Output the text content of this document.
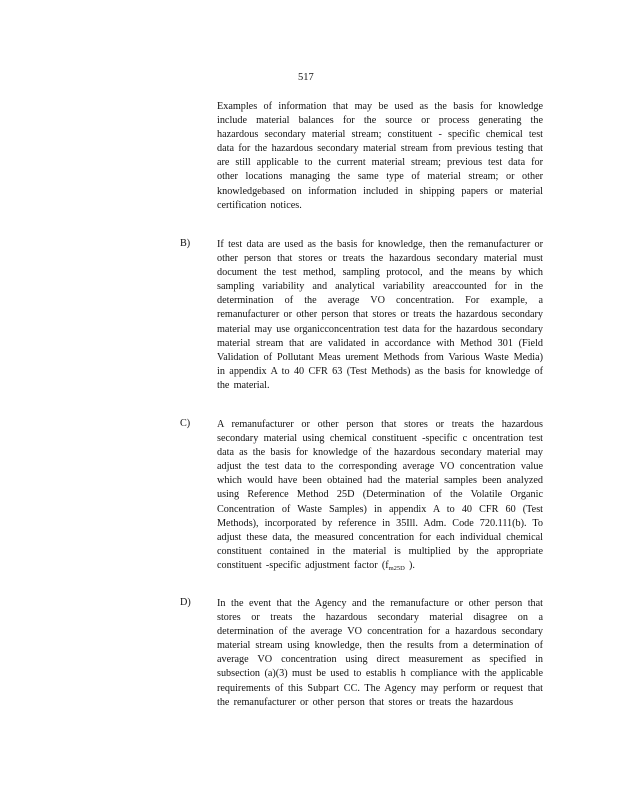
517
Examples of information that may be used as the basis for knowledge include material balances for the source or process generating the hazardous secondary material stream; constituent - specific chemical test data for the hazardous secondary material stream from previous testing that are still applicable to the current material stream; previous test data for other locations managing the same type of material stream; or other knowledgebased on information included in shipping papers or material certification notices.
B)	If test data are used as the basis for knowledge, then the remanufacturer or other person that stores or treats the hazardous secondary material must document the test method, sampling protocol, and the means by which sampling variability and analytical variability areaccounted for in the determination of the average VO concentration. For example, a remanufacturer or other person that stores or treats the hazardous secondary material may use organicconcentration test data for the hazardous secondary material stream that are validated in accordance with Method 301 (Field Validation of Pollutant Meas urement Methods from Various Waste Media) in appendix A to 40 CFR 63 (Test Methods) as the basis for knowledge of the material.
C)	A remanufacturer or other person that stores or treats the hazardous secondary material using chemical constituent -specific c oncentration test data as the basis for knowledge of the hazardous secondary material may adjust the test data to the corresponding average VO concentration value which would have been obtained had the material samples been analyzed using Reference Method 25D (Determination of the Volatile Organic Concentration of Waste Samples) in appendix A to 40 CFR 60 (Test Methods), incorporated by reference in 35Ill. Adm. Code 720.111(b). To adjust these data, the measured concentration for each individual chemical constituent contained in the material is multiplied by the appropriate constituent -specific adjustment factor ($f_{m25D}$ ).
D)	In the event that the Agency and the remanufacture or other person that stores or treats the hazardous secondary material disagree on a determination of the average VO concentration for a hazardous secondary material stream using knowledge, then the results from a determination of average VO concentration using direct measurement as specified in subsection (a)(3) must be used to establis h compliance with the applicable requirements of this Subpart CC. The Agency may perform or request that the remanufacturer or other person that stores or treats the hazardous
